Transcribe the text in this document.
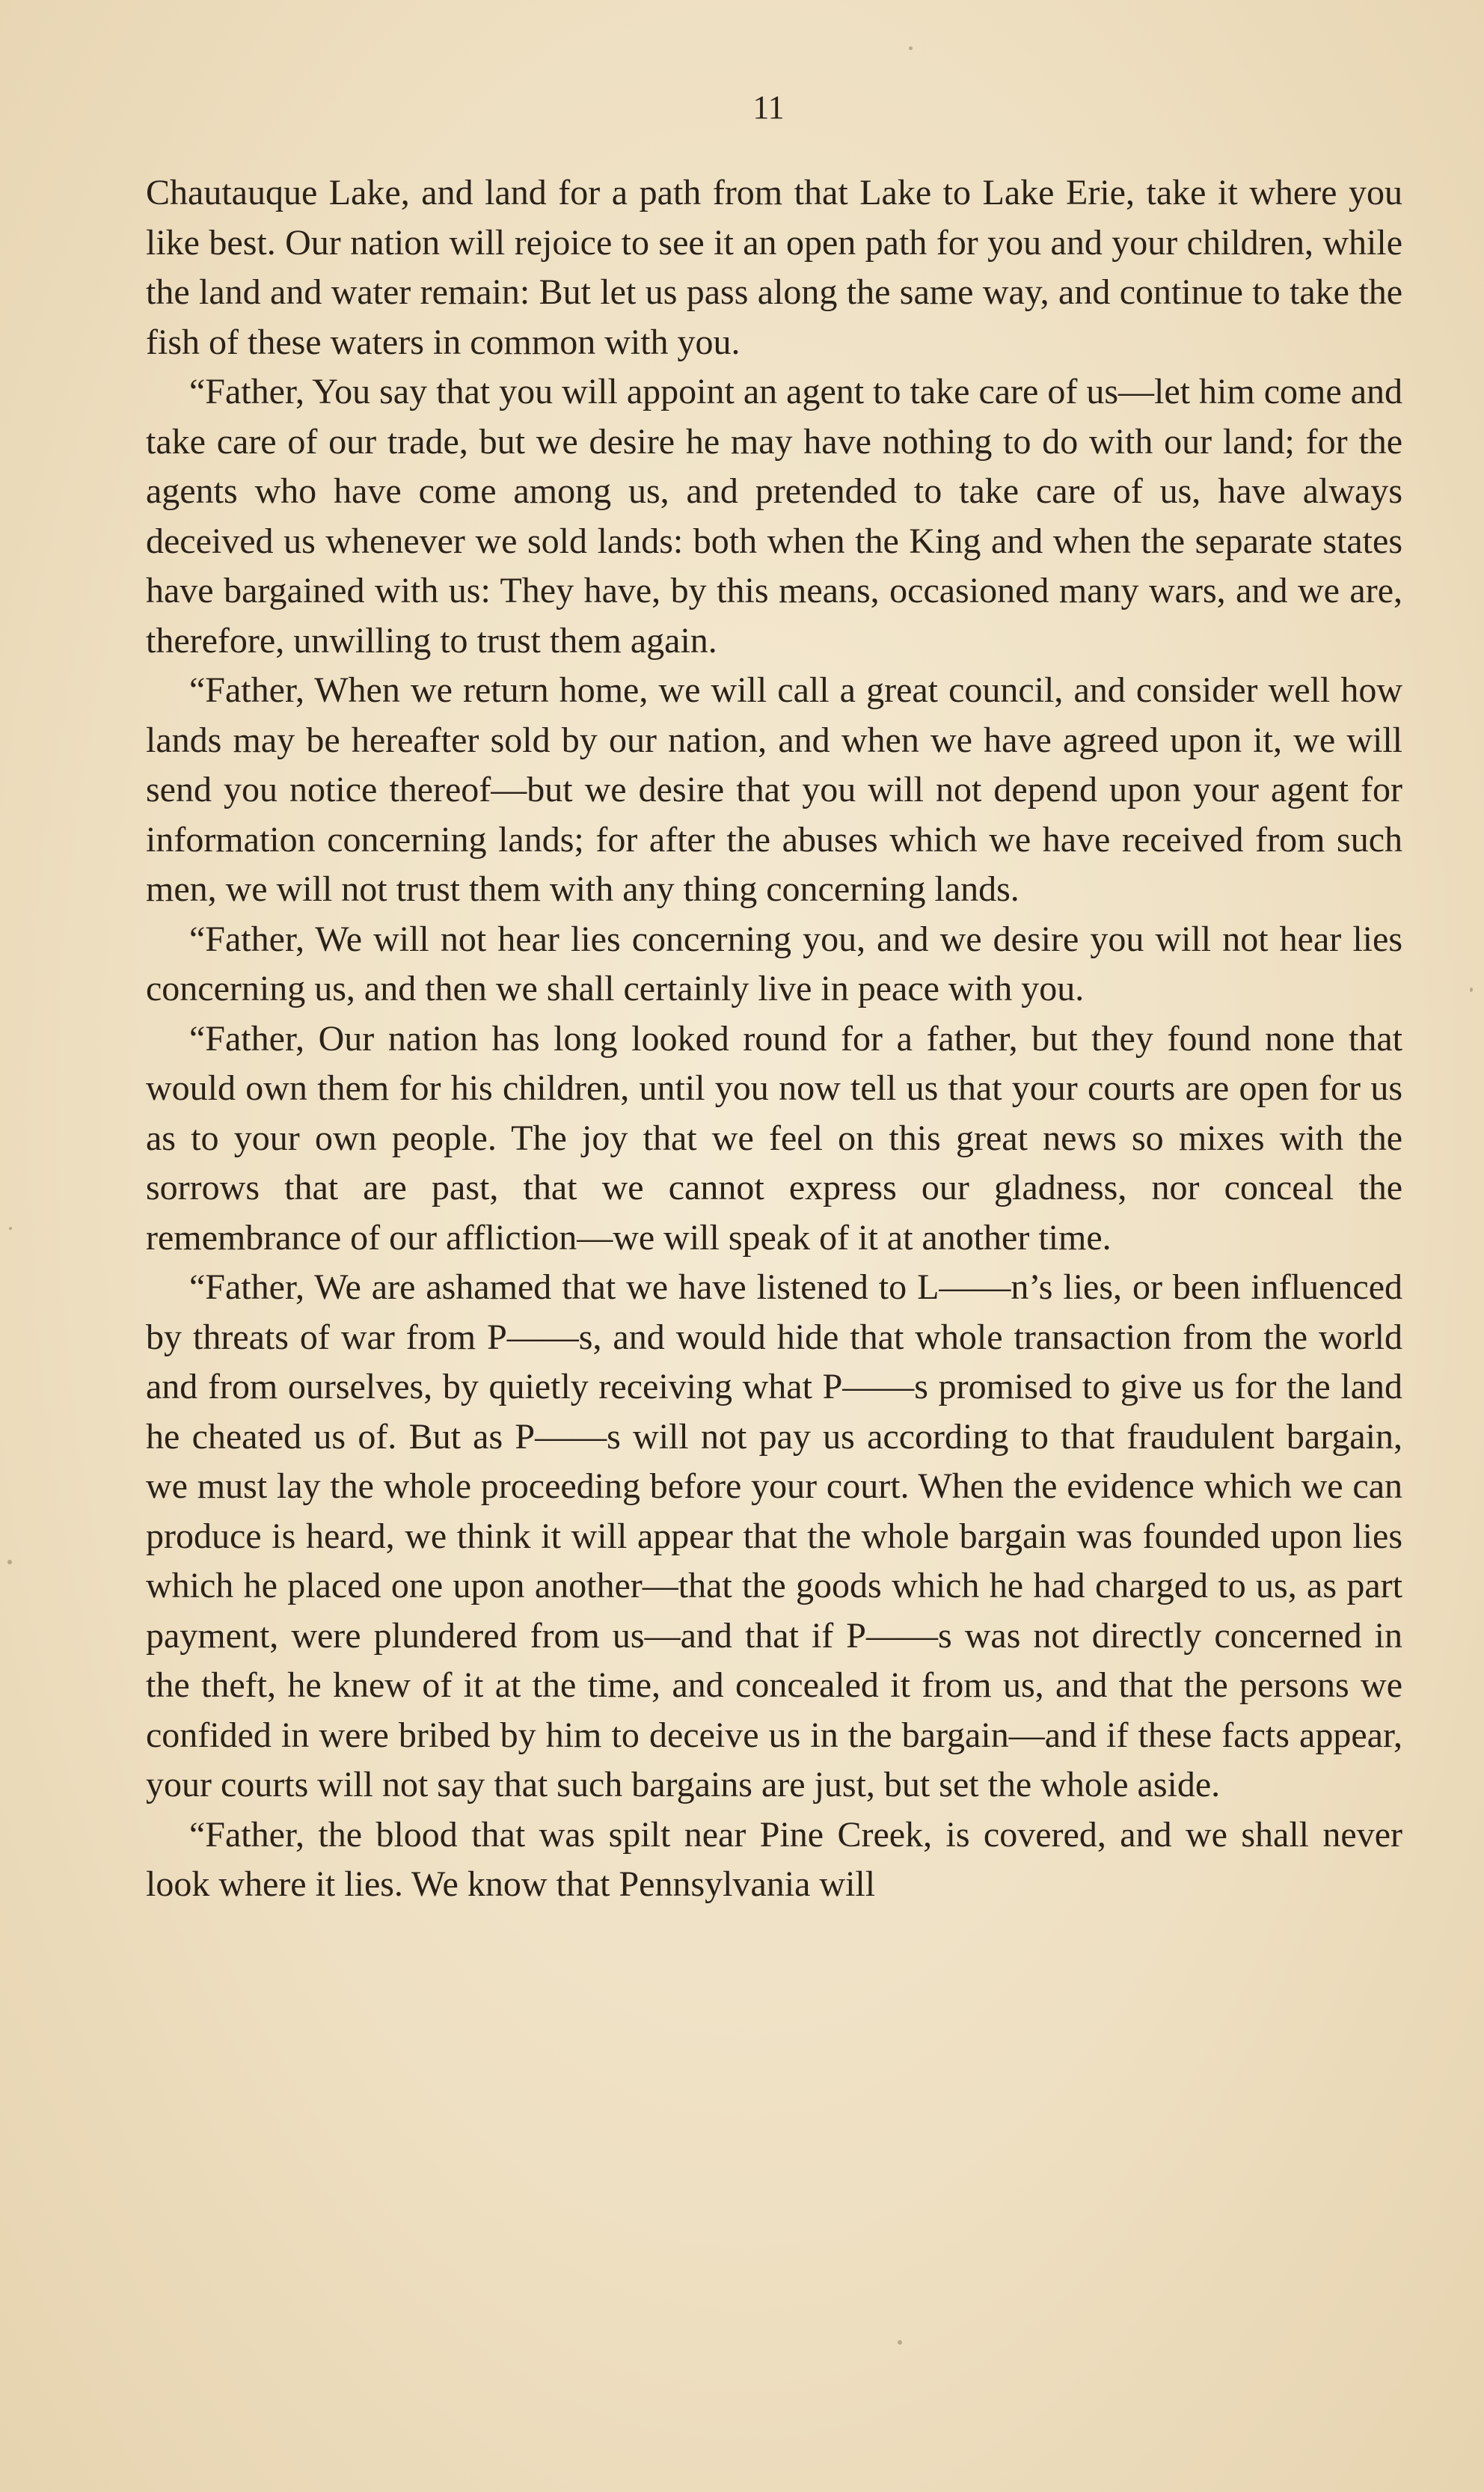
11

Chautauque Lake, and land for a path from that Lake to Lake Erie, take it where you like best. Our nation will rejoice to see it an open path for you and your children, while the land and water remain: But let us pass along the same way, and continue to take the fish of these waters in common with you.

“Father, You say that you will appoint an agent to take care of us—let him come and take care of our trade, but we desire he may have nothing to do with our land; for the agents who have come among us, and pretended to take care of us, have always deceived us whenever we sold lands: both when the King and when the separate states have bargained with us: They have, by this means, occasioned many wars, and we are, therefore, unwilling to trust them again.

“Father, When we return home, we will call a great council, and consider well how lands may be hereafter sold by our nation, and when we have agreed upon it, we will send you notice thereof—but we desire that you will not depend upon your agent for information concerning lands; for after the abuses which we have received from such men, we will not trust them with any thing concerning lands.

“Father, We will not hear lies concerning you, and we desire you will not hear lies concerning us, and then we shall certainly live in peace with you.

“Father, Our nation has long looked round for a father, but they found none that would own them for his children, until you now tell us that your courts are open for us as to your own people. The joy that we feel on this great news so mixes with the sorrows that are past, that we cannot express our gladness, nor conceal the remembrance of our affliction—we will speak of it at another time.

“Father, We are ashamed that we have listened to L——n’s lies, or been influenced by threats of war from P——s, and would hide that whole transaction from the world and from ourselves, by quietly receiving what P——s promised to give us for the land he cheated us of. But as P——s will not pay us according to that fraudulent bargain, we must lay the whole proceeding before your court. When the evidence which we can produce is heard, we think it will appear that the whole bargain was founded upon lies which he placed one upon another—that the goods which he had charged to us, as part payment, were plundered from us—and that if P——s was not directly concerned in the theft, he knew of it at the time, and concealed it from us, and that the persons we confided in were bribed by him to deceive us in the bargain—and if these facts appear, your courts will not say that such bargains are just, but set the whole aside.

“Father, the blood that was spilt near Pine Creek, is covered, and we shall never look where it lies. We know that Pennsylvania will
